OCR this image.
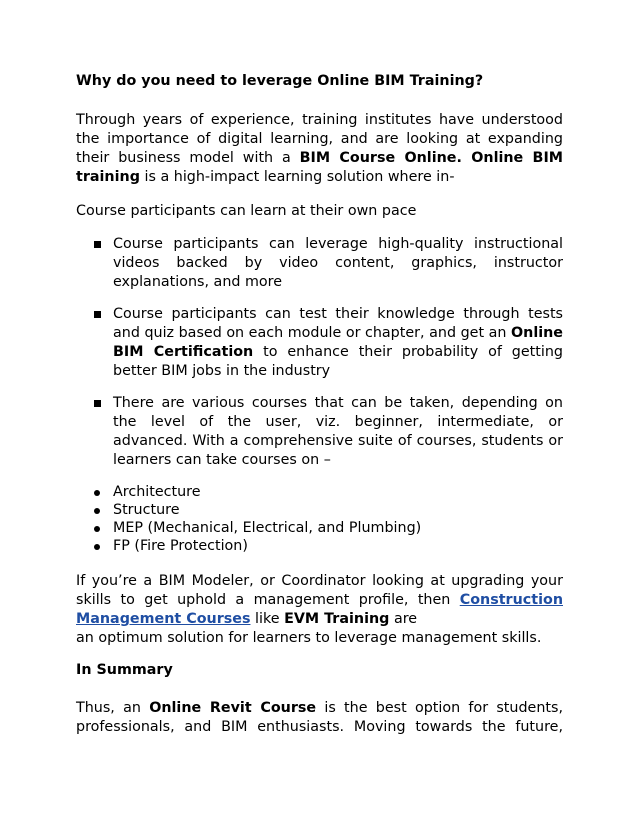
Why do you need to leverage Online BIM Training?
Through years of experience, training institutes have understood
the importance of digital learning, and are looking at expanding
their business model with a BIM Course Online. Online BIM
training is a high-impact learning solution where in-
Course participants can learn at their own pace
Course participants can leverage high-quality instructional
videos backed by video content, graphics, instructor
explanations, and more
Course participants can test their knowledge through tests
and quiz based on each module or chapter, and get an Online
BIM Certification to enhance their probability of getting
better BIM jobs in the industry
There are various courses that can be taken, depending on
the level of the user, viz. beginner, intermediate, or
advanced. With a comprehensive suite of courses, students or
learners can take courses on –
Architecture
Structure
MEP (Mechanical, Electrical, and Plumbing)
FP (Fire Protection)
If you’re a BIM Modeler, or Coordinator looking at upgrading your
skills to get uphold a management profile, then Construction
Management Courses like EVM Training are
an optimum solution for learners to leverage management skills.
In Summary
Thus, an Online Revit Course is the best option for students,
professionals, and BIM enthusiasts. Moving towards the future,
